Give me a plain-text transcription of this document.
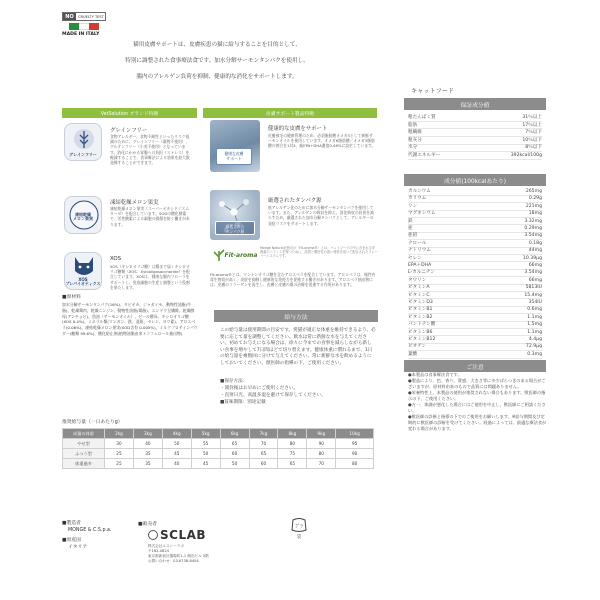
NO	CRUELTY TEST
MADE IN ITALY

猫用皮膚サポートは、皮膚疾患の猫に給与することを目的として、

特別に調整された食事療法食です。加水分解サーモンタンパクを使用し、

腸内のアレルゲン負荷を抑制、健康的な消化をサポートします。

キャットフード
VetSolution ブランド特徴
グレインフリー
グレインフリー
食物アレルギー、食物不耐性といったリスク低減のために、グレインフリー（穀物不使用）、グルテンフリー（小麦不使用）となっています。消化にかかる胃腸への負担（ストレス）を軽減することで、食事療法による効果を最大限発揮することができます。
凍結乾燥
メロン果実
凍結乾燥メロン果実
凍結乾燥メロン果実（スーパーオキシドジスムターゼ）を配合しています。SODの酸化酵素で、活性酸素による細胞の損傷を防ぐ働きがあります。
XOS
プレバイオティクス
XOS
XOS（キシロオリゴ糖）は腸まで届くキシロオリゴ糖類（XOS：Xylooligosaccharide）を配合しています。XOSは、健康な腸内フローラをサポートし、免疫細胞の生産と調整という役割を果たします。
皮膚サポート製品特徴
健康な皮膚
サポート
健康的な皮膚をサポート
皮膚被毛の健康管理のため、必須脂肪酸オメガ3として新鮮サーモンオイルを使用しています。オメガ6脂肪酸／オメガ3脂肪酸の割合を1対4、総EPA+DHA濃度0.46%に設定しています。
厳選された
タンパク源
厳選されたタンパク源
低アレルゲン化のために加水分解サーモンタンパクを使用しています。また、アレルゲンの吸収を抑え、消化吸収の負担を減らすため、厳選された加水分解タンパクとして、アレルギーの発症リスクをサポートします。
Fit-aroma
Monge Natural社独自の「Fit-aroma®」とは、ペットフードの中に含まれる栄養素のバランスを保つために、品質と嗜好性の高い材料を用いて配合されたフレーバーシステムです。
Fit-aroma®とは、マンナンオリゴ糖を含むアロエベラを配合しています。アロエベラは、極性有毒生物質が高く、炎症を抑制し健康的な免疫力を促進する働きがあります。アロエベラ抽出物には、皮膚のコラーゲンを再生し、皮膚と皮膚の傷の治療を促進する作用があります。
■原材料
加水分解サーモンタンパク(16%)、タピオカ、ジャガイモ、動物性油脂(牛脂)、乾燥鶏肉、乾燥ニンジン、動物性油脂(鶏脂)、エンドウ豆繊維、乾燥酵母(アンチョビ)、魚油（サーモンオイル）、ビール酵母、キシロオリゴ糖(XOS 0.4%)、ミネラル類(マンガン、鉄、亜鉛、セレン、ヨウ素)、アロエベラ(0.06%)、凍結乾燥メロン果実(SOD含有 0.005%)、ミルクプロテインパウダー(糖類 99.6%)、酸化防止剤(植物油脂由来トコフェロール抽出物)
給与方法
この給与量は使用期間の目安です。愛猫が適正な体重を維持できるよう、必要に応じて量を調整してください。飲水は常に新鮮な水を与えてください。初めてお与えになる場合は、徐々に今までの食事を減らしながら新しい食事を増やして7日間ほどで切り替えます。健康体重に慣れるまで、1日の給与量を複数回に分けて与えてください。常に新鮮な水を飲めるようにしておいてください。獣医師の指導の下、ご使用ください。
■保存方法：
・開封後はお早めにご使用ください。
・直射日光、高温多湿を避けて保存してください。
■賞味期限：別途記載
保証成分値
粗たんぱく質	31％以上
脂肪	17％以上
粗繊維	7％以下
粗灰分	10％以下
水分	8％以下
代謝エネルギー	392kcal/100g
成分値(100kcalあたり)
カルシウム	265mg
カリウム	0.29g
リン	221mg
マグネシウム	18mg
鉄	3.32mg
亜	0.29mg
亜鉛	3.54mg
クロール	0.18g
ナトリウム	44mg
セレン	10.39μg
EPA＋DHA	66mg
L-カルニチン	3.54mg
タウリン	66mg
ビタミンA	5813IU
ビタミンC	15.4mg
ビタミンD3	354IU
ビタミンB1	0.6mg
ビタミンB2	1.1mg
パントテン酸	1.5mg
ビタミンB6	1.1mg
ビタミンB12	4.4μg
ビオチン	72.9μg
葉酸	0.3mg
ご注意

●本製品は食事療法食です。

●製品により、色、香り、質感、大きさ等に多少ばらつきのある場合がございますが、原材料由来のもので品質には問題ありません。

●栄養特性上、本製品の使用が推奨されない場合もあります。獣医師の指示の下、ご使用ください。

●万一、体調が悪化した場合にはご使用を中止し、獣医師にご相談ください。

●獣医師の診断と指導の下でのご使用をお願いします。※給与期間及び定期的に獣医師の診断を受けてください。経過によっては、最適な療法食が変わる場合があります。

推奨給与量（一日あたりg）
成猫の体重	2kg	3kg	4kg	5kg	6kg	7kg	8kg	9kg	10kg
やせ型	30	40	50	55	65	70	80	90	95
ふつう型	25	35	45	50	60	65	75	80	90
体重過多	25	35	40	45	50	60	65	70	80
■製造者
MONGE & C.S.p.a.
■原産国
イタリア
■販売者
SC LAB
株式会社エスシーラボ
〒162-0824
東京都新宿区揚場町1-1 飯田ビル 5階
お問い合わせ：03-6738-8404
ﾌﾟﾗ
袋
